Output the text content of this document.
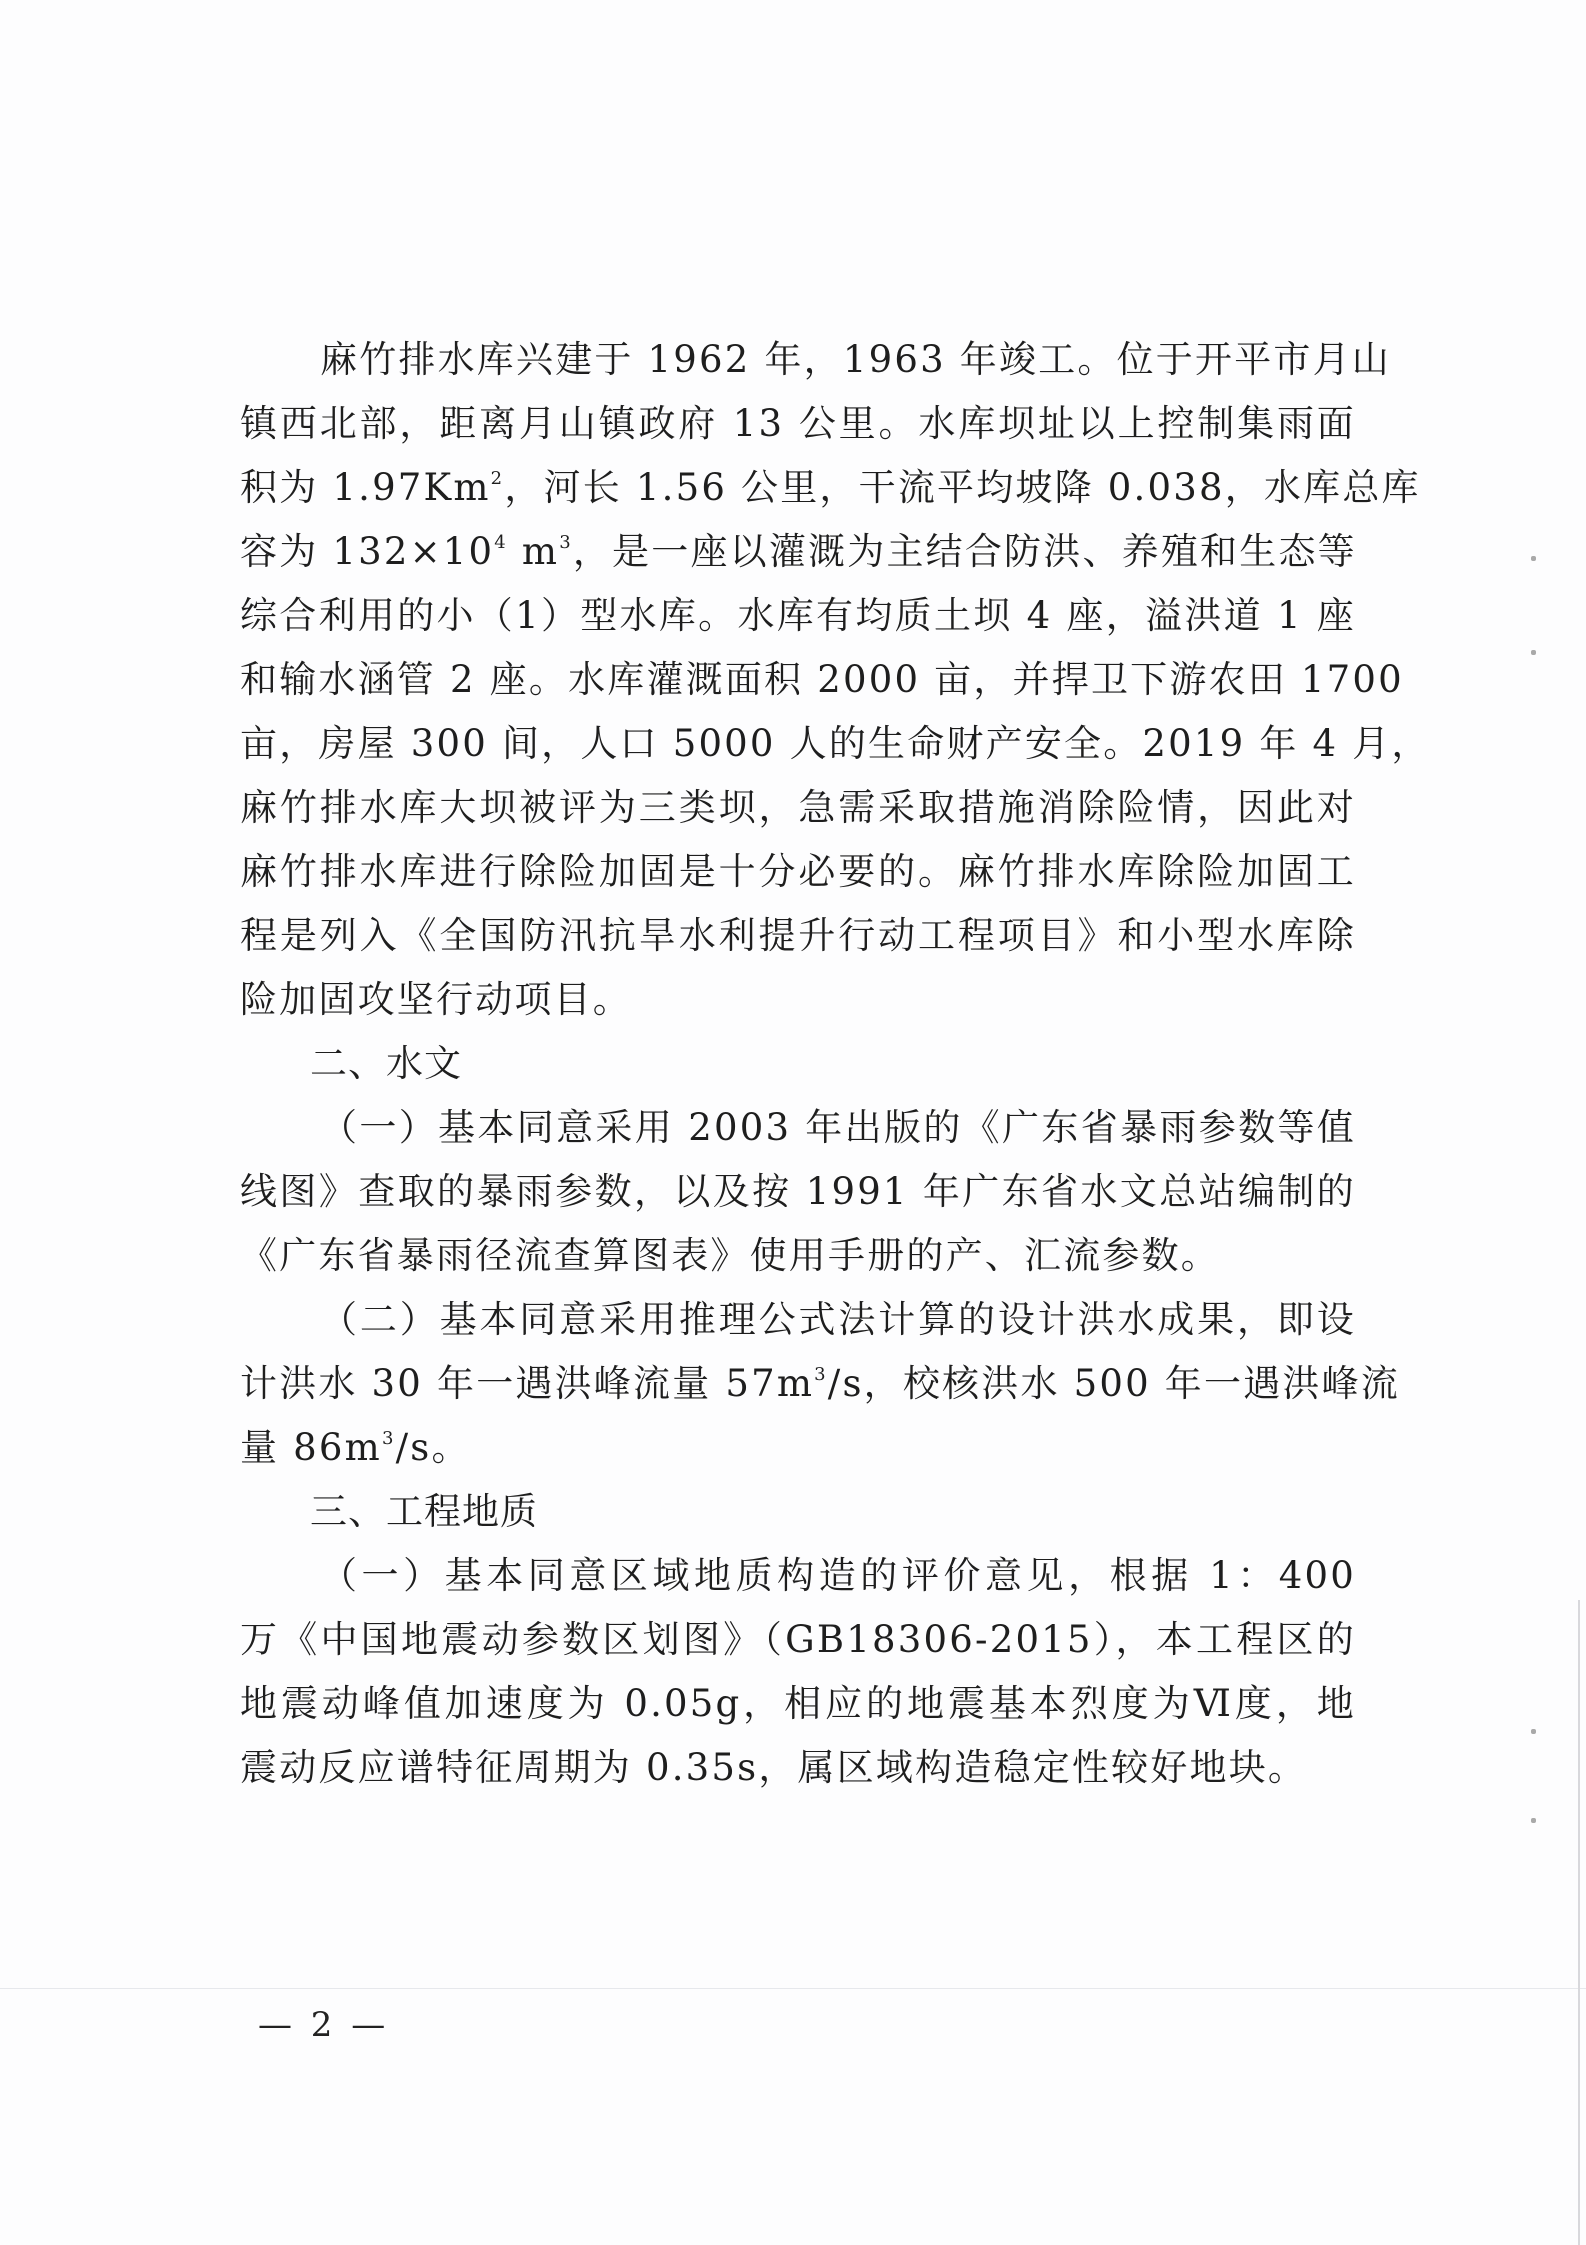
麻竹排水库兴建于 1962 年，1963 年竣工。位于开平市月山
镇西北部，距离月山镇政府 13 公里。水库坝址以上控制集雨面
积为 1.97Km$^2$，河长 1.56 公里，干流平均坡降 0.038，水库总库
容为 $132\times 10^4$ $m^3$，是一座以灌溉为主结合防洪、养殖和生态等
综合利用的小（1）型水库。水库有均质土坝 4 座，溢洪道 1 座
和输水涵管 2 座。水库灌溉面积 2000 亩，并捍卫下游农田 1700
亩，房屋 300 间，人口 5000 人的生命财产安全。2019 年 4 月，
麻竹排水库大坝被评为三类坝，急需采取措施消除险情，因此对
麻竹排水库进行除险加固是十分必要的。麻竹排水库除险加固工
程是列入《全国防汛抗旱水利提升行动工程项目》和小型水库除
险加固攻坚行动项目。
二、水文
（一）基本同意采用 2003 年出版的《广东省暴雨参数等值
线图》查取的暴雨参数，以及按 1991 年广东省水文总站编制的
《广东省暴雨径流查算图表》使用手册的产、汇流参数。
（二）基本同意采用推理公式法计算的设计洪水成果，即设
计洪水 30 年一遇洪峰流量 $57m^3/s$，校核洪水 500 年一遇洪峰流
量 $86m^3/s$。
三、工程地质
（一）基本同意区域地质构造的评价意见，根据 1：400
万《中国地震动参数区划图》（GB18306-2015），本工程区的
地震动峰值加速度为 0.05g，相应的地震基本烈度为Ⅵ度，地
震动反应谱特征周期为 0.35s，属区域构造稳定性较好地块。
— 2 —
